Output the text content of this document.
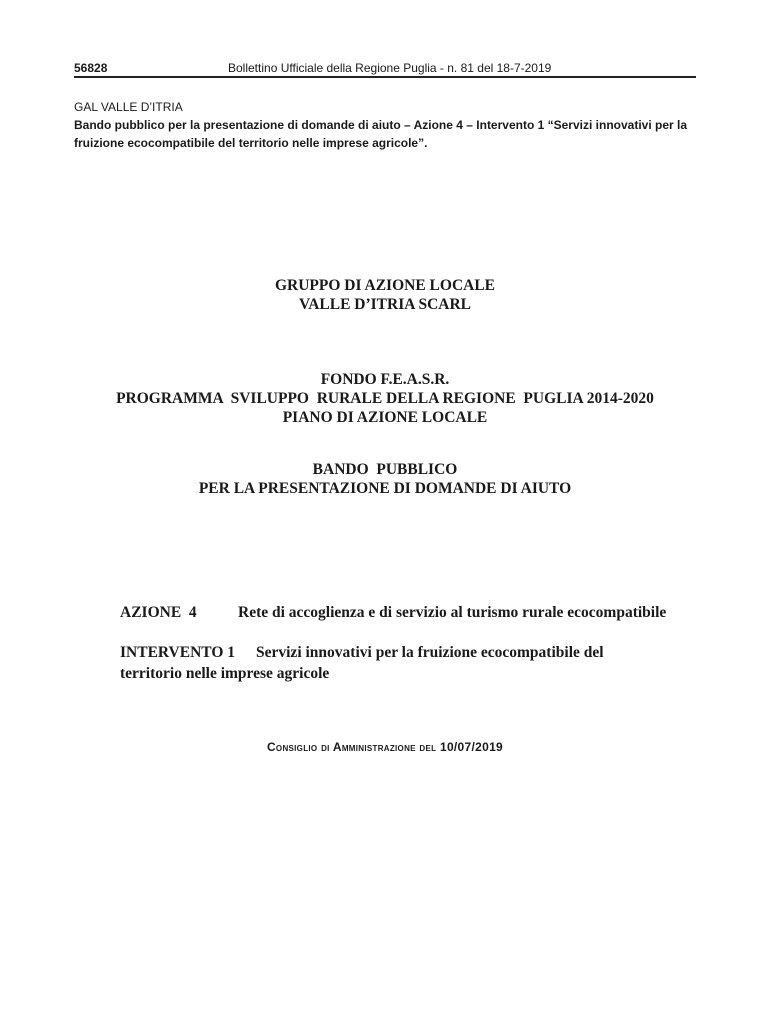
56828	Bollettino Ufficiale della Regione Puglia - n. 81 del 18-7-2019
GAL VALLE D’ITRIA
Bando pubblico per la presentazione di domande di aiuto – Azione 4 – Intervento 1 “Servizi innovativi per la fruizione ecocompatibile del territorio nelle imprese agricole”.
GRUPPO DI AZIONE LOCALE
VALLE D’ITRIA SCARL
FONDO F.E.A.S.R.
PROGRAMMA  SVILUPPO  RURALE DELLA REGIONE  PUGLIA 2014-2020
PIANO DI AZIONE LOCALE
BANDO  PUBBLICO
PER LA PRESENTAZIONE DI DOMANDE DI AIUTO
AZIONE  4	Rete di accoglienza e di servizio al turismo rurale ecocompatibile
INTERVENTO 1 Servizi innovativi per la fruizione ecocompatibile del territorio nelle imprese agricole
Consiglio di Amministrazione del 10/07/2019
